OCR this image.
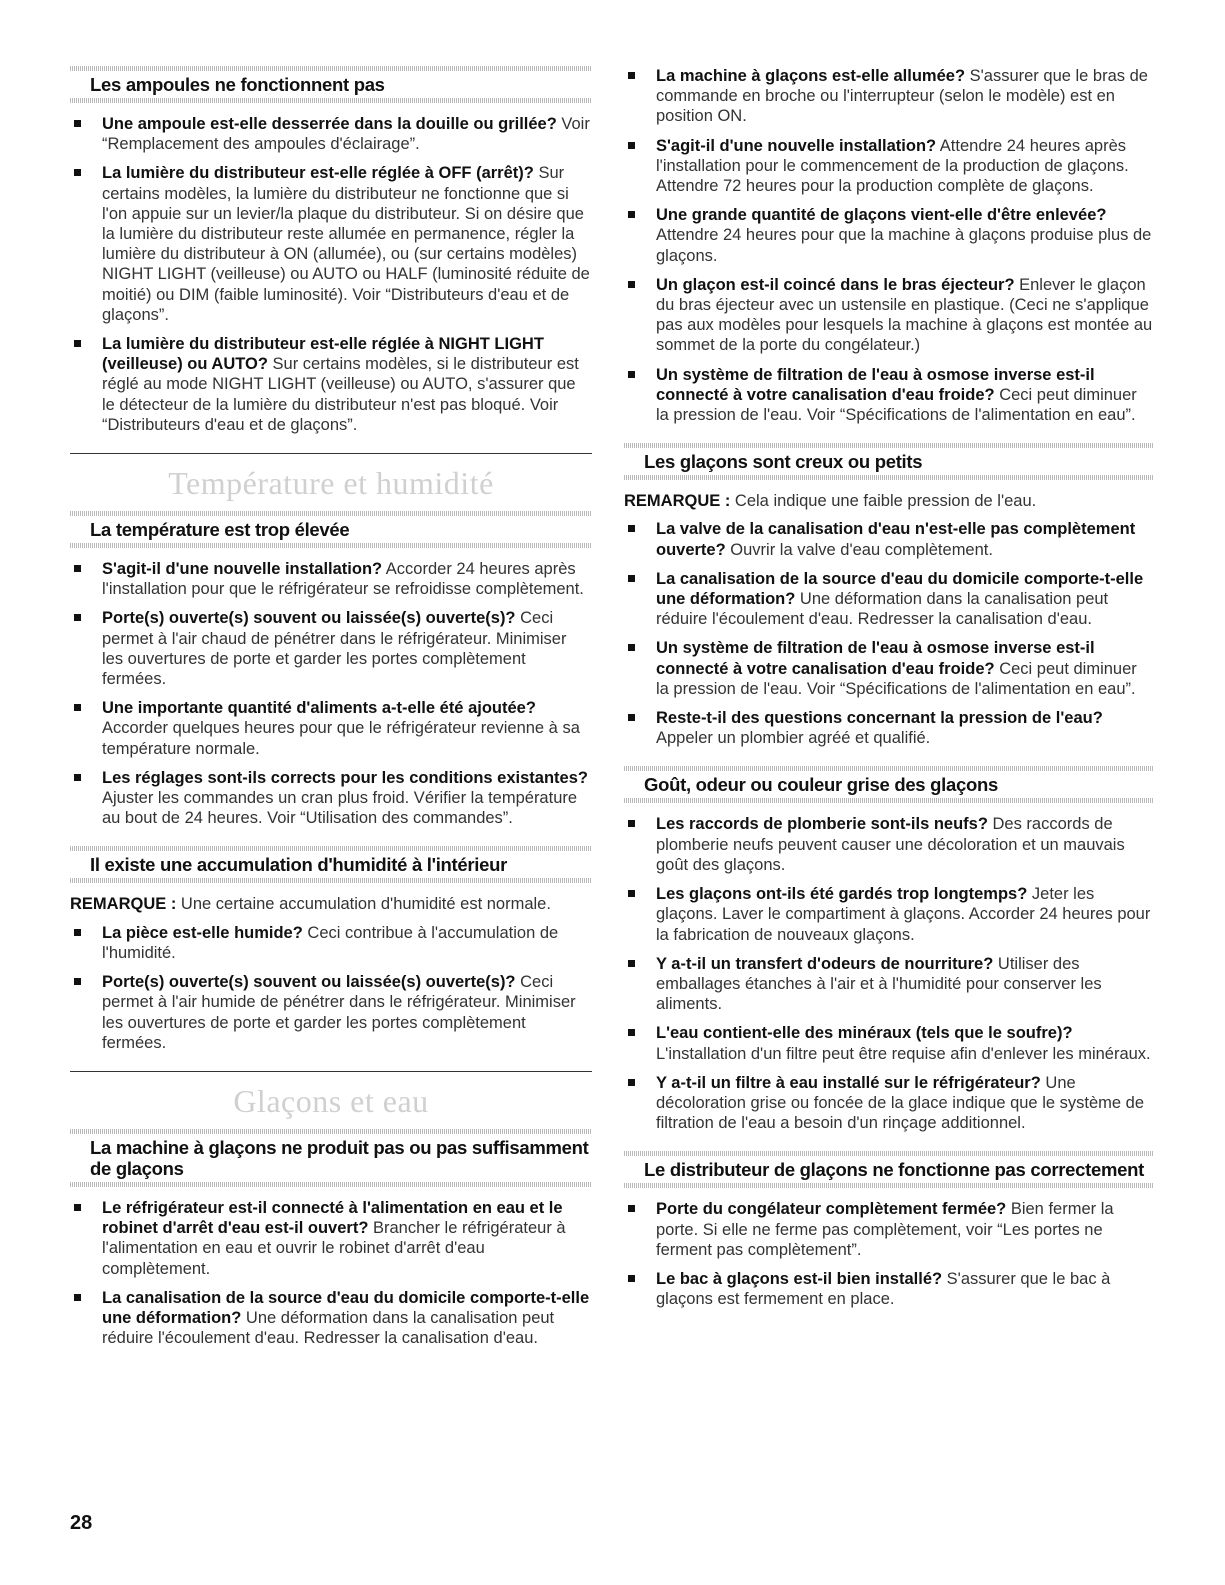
Les ampoules ne fonctionnent pas
Une ampoule est-elle desserrée dans la douille ou grillée? Voir “Remplacement des ampoules d'éclairage”.
La lumière du distributeur est-elle réglée à OFF (arrêt)? Sur certains modèles, la lumière du distributeur ne fonctionne que si l'on appuie sur un levier/la plaque du distributeur. Si on désire que la lumière du distributeur reste allumée en permanence, régler la lumière du distributeur à ON (allumée), ou (sur certains modèles) NIGHT LIGHT (veilleuse) ou AUTO ou HALF (luminosité réduite de moitié) ou DIM (faible luminosité). Voir “Distributeurs d'eau et de glaçons”.
La lumière du distributeur est-elle réglée à NIGHT LIGHT (veilleuse) ou AUTO? Sur certains modèles, si le distributeur est réglé au mode NIGHT LIGHT (veilleuse) ou AUTO, s'assurer que le détecteur de la lumière du distributeur n'est pas bloqué. Voir “Distributeurs d'eau et de glaçons”.
Température et humidité
La température est trop élevée
S'agit-il d'une nouvelle installation? Accorder 24 heures après l'installation pour que le réfrigérateur se refroidisse complètement.
Porte(s) ouverte(s) souvent ou laissée(s) ouverte(s)? Ceci permet à l'air chaud de pénétrer dans le réfrigérateur. Minimiser les ouvertures de porte et garder les portes complètement fermées.
Une importante quantité d'aliments a-t-elle été ajoutée? Accorder quelques heures pour que le réfrigérateur revienne à sa température normale.
Les réglages sont-ils corrects pour les conditions existantes? Ajuster les commandes un cran plus froid. Vérifier la température au bout de 24 heures. Voir “Utilisation des commandes”.
Il existe une accumulation d'humidité à l'intérieur

REMARQUE : Une certaine accumulation d'humidité est normale.

La pièce est-elle humide? Ceci contribue à l'accumulation de l'humidité.
Porte(s) ouverte(s) souvent ou laissée(s) ouverte(s)? Ceci permet à l'air humide de pénétrer dans le réfrigérateur. Minimiser les ouvertures de porte et garder les portes complètement fermées.
Glaçons et eau
La machine à glaçons ne produit pas ou pas suffisamment de glaçons
Le réfrigérateur est-il connecté à l'alimentation en eau et le robinet d'arrêt d'eau est-il ouvert? Brancher le réfrigérateur à l'alimentation en eau et ouvrir le robinet d'arrêt d'eau complètement.
La canalisation de la source d'eau du domicile comporte-t-elle une déformation? Une déformation dans la canalisation peut réduire l'écoulement d'eau. Redresser la canalisation d'eau.
La machine à glaçons est-elle allumée? S'assurer que le bras de commande en broche ou l'interrupteur (selon le modèle) est en position ON.
S'agit-il d'une nouvelle installation? Attendre 24 heures après l'installation pour le commencement de la production de glaçons. Attendre 72 heures pour la production complète de glaçons.
Une grande quantité de glaçons vient-elle d'être enlevée? Attendre 24 heures pour que la machine à glaçons produise plus de glaçons.
Un glaçon est-il coincé dans le bras éjecteur? Enlever le glaçon du bras éjecteur avec un ustensile en plastique. (Ceci ne s'applique pas aux modèles pour lesquels la machine à glaçons est montée au sommet de la porte du congélateur.)
Un système de filtration de l'eau à osmose inverse est-il connecté à votre canalisation d'eau froide? Ceci peut diminuer la pression de l'eau. Voir “Spécifications de l'alimentation en eau”.
Les glaçons sont creux ou petits

REMARQUE : Cela indique une faible pression de l'eau.

La valve de la canalisation d'eau n'est-elle pas complètement ouverte? Ouvrir la valve d'eau complètement.
La canalisation de la source d'eau du domicile comporte-t-elle une déformation? Une déformation dans la canalisation peut réduire l'écoulement d'eau. Redresser la canalisation d'eau.
Un système de filtration de l'eau à osmose inverse est-il connecté à votre canalisation d'eau froide? Ceci peut diminuer la pression de l'eau. Voir “Spécifications de l'alimentation en eau”.
Reste-t-il des questions concernant la pression de l'eau? Appeler un plombier agréé et qualifié.
Goût, odeur ou couleur grise des glaçons
Les raccords de plomberie sont-ils neufs? Des raccords de plomberie neufs peuvent causer une décoloration et un mauvais goût des glaçons.
Les glaçons ont-ils été gardés trop longtemps? Jeter les glaçons. Laver le compartiment à glaçons. Accorder 24 heures pour la fabrication de nouveaux glaçons.
Y a-t-il un transfert d'odeurs de nourriture? Utiliser des emballages étanches à l'air et à l'humidité pour conserver les aliments.
L'eau contient-elle des minéraux (tels que le soufre)? L'installation d'un filtre peut être requise afin d'enlever les minéraux.
Y a-t-il un filtre à eau installé sur le réfrigérateur? Une décoloration grise ou foncée de la glace indique que le système de filtration de l'eau a besoin d'un rinçage additionnel.
Le distributeur de glaçons ne fonctionne pas correctement
Porte du congélateur complètement fermée? Bien fermer la porte. Si elle ne ferme pas complètement, voir “Les portes ne ferment pas complètement”.
Le bac à glaçons est-il bien installé? S'assurer que le bac à glaçons est fermement en place.
28
